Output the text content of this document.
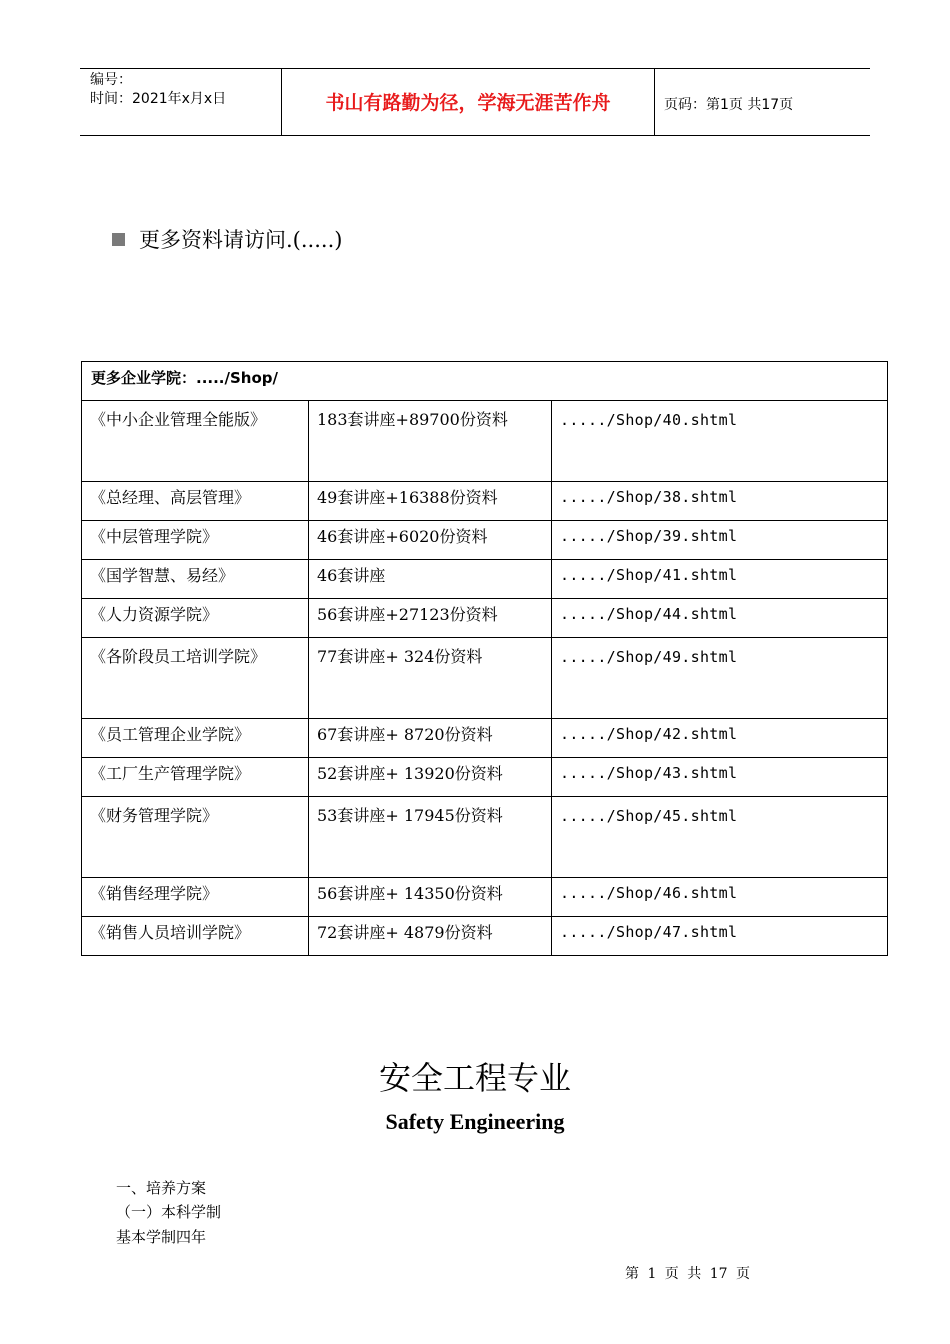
编号：
时间：2021年x月x日	书山有路勤为径，学海无涯苦作舟	页码：第1页 共17页
更多资料请访问.(.....)
更多企业学院：...../Shop/		
《中小企业管理全能版》	183套讲座+89700份资料	...../Shop/40.shtml
《总经理、高层管理》	49套讲座+16388份资料	...../Shop/38.shtml
《中层管理学院》	46套讲座+6020份资料	...../Shop/39.shtml
《国学智慧、易经》	46套讲座	...../Shop/41.shtml
《人力资源学院》	56套讲座+27123份资料	...../Shop/44.shtml
《各阶段员工培训学院》	77套讲座+ 324份资料	...../Shop/49.shtml
《员工管理企业学院》	67套讲座+ 8720份资料	...../Shop/42.shtml
《工厂生产管理学院》	52套讲座+ 13920份资料	...../Shop/43.shtml
《财务管理学院》	53套讲座+ 17945份资料	...../Shop/45.shtml
《销售经理学院》	56套讲座+ 14350份资料	...../Shop/46.shtml
《销售人员培训学院》	72套讲座+ 4879份资料	...../Shop/47.shtml
安全工程专业
Safety Engineering
一、培养方案
（一）本科学制
基本学制四年
第 1 页 共 17 页
